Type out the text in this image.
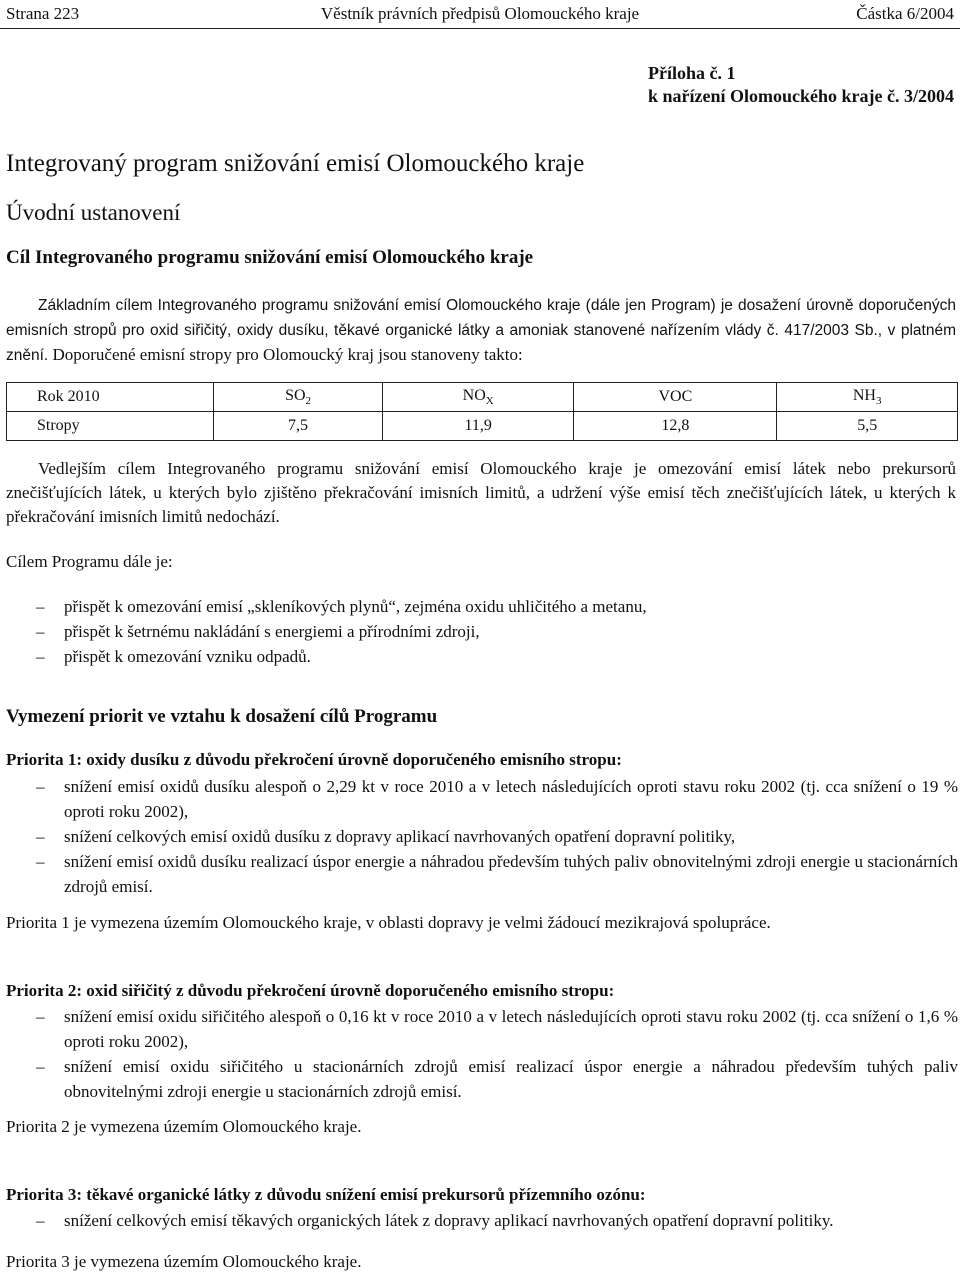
Strana 223	Věstník právních předpisů Olomouckého kraje	Částka 6/2004
Příloha č. 1
k nařízení Olomouckého kraje č. 3/2004
Integrovaný program snižování emisí Olomouckého kraje
Úvodní ustanovení
Cíl Integrovaného programu snižování emisí Olomouckého kraje
Základním cílem Integrovaného programu snižování emisí Olomouckého kraje (dále jen Program) je dosažení úrovně doporučených emisních stropů pro oxid siřičitý, oxidy dusíku, těkavé organické látky a amoniak stanovené nařízením vlády č. 417/2003 Sb., v platném znění. Doporučené emisní stropy pro Olomoucký kraj jsou stanoveny takto:
Rok 2010	$SO_2$	$NO_X$	VOC	$NH_3$
Stropy	7,5	11,9	12,8	5,5
Vedlejším cílem Integrovaného programu snižování emisí Olomouckého kraje je omezování emisí látek nebo prekursorů znečišťujících látek, u kterých bylo zjištěno překračování imisních limitů, a udržení výše emisí těch znečišťujících látek, u kterých k překračování imisních limitů nedochází.
Cílem Programu dále je:
– přispět k omezování emisí „skleníkových plynů“, zejména oxidu uhličitého a metanu,
– přispět k šetrnému nakládání s energiemi a přírodními zdroji,
– přispět k omezování vzniku odpadů.
Vymezení priorit ve vztahu k dosažení cílů Programu
Priorita 1: oxidy dusíku z důvodu překročení úrovně doporučeného emisního stropu:
– snížení emisí oxidů dusíku alespoň o 2,29 kt v roce 2010 a v letech následujících oproti stavu roku 2002 (tj. cca snížení o 19 % oproti roku 2002),
– snížení celkových emisí oxidů dusíku z dopravy aplikací navrhovaných opatření dopravní politiky,
– snížení emisí oxidů dusíku realizací úspor energie a náhradou především tuhých paliv obnovitelnými zdroji energie u stacionárních zdrojů emisí.
Priorita 1 je vymezena územím Olomouckého kraje, v oblasti dopravy je velmi žádoucí mezikrajová spolupráce.
Priorita 2: oxid siřičitý z důvodu překročení úrovně doporučeného emisního stropu:
– snížení emisí oxidu siřičitého alespoň o 0,16 kt v roce 2010 a v letech následujících oproti stavu roku 2002 (tj. cca snížení o 1,6 % oproti roku 2002),
– snížení emisí oxidu siřičitého u stacionárních zdrojů emisí realizací úspor energie a náhradou především tuhých paliv obnovitelnými zdroji energie u stacionárních zdrojů emisí.
Priorita 2 je vymezena územím Olomouckého kraje.
Priorita 3: těkavé organické látky z důvodu snížení emisí prekursorů přízemního ozónu:
– snížení celkových emisí těkavých organických látek z dopravy aplikací navrhovaných opatření dopravní politiky.
Priorita 3 je vymezena územím Olomouckého kraje.
